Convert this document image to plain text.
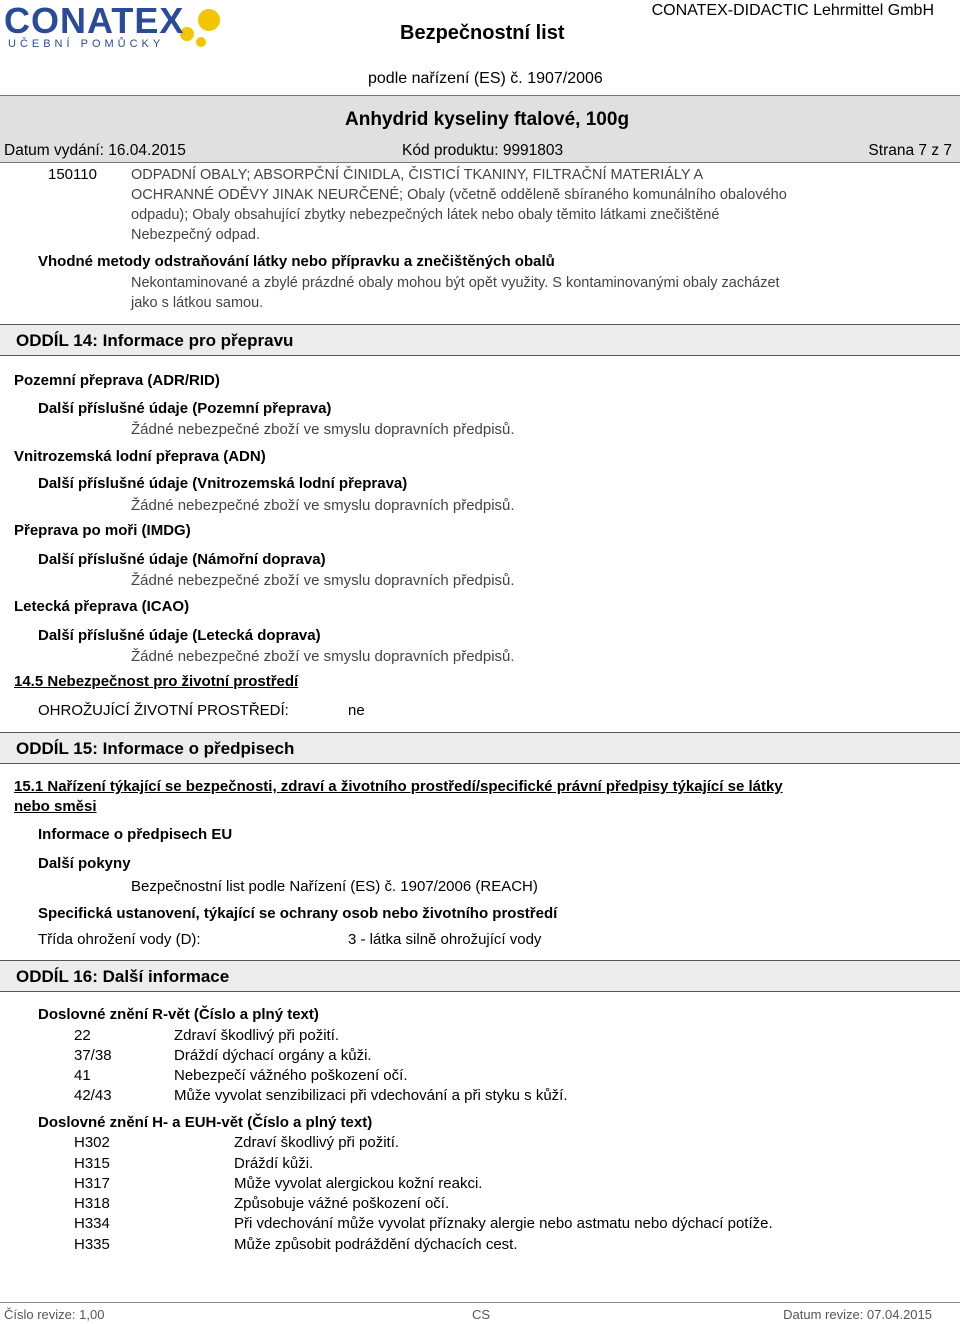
CONATEX
UČEBNÍ POMŮCKY	Bezpečnostní list
CONATEX-DIDACTIC Lehrmittel GmbH
podle nařízení (ES) č. 1907/2006
Anhydrid kyseliny ftalové, 100g
Datum vydání: 16.04.2015	Kód produktu: 9991803	Strana 7 z 7
150110 ODPADNÍ OBALY; ABSORPČNÍ ČINIDLA, ČISTICÍ TKANINY, FILTRAČNÍ MATERIÁLY A
OCHRANNÉ ODĚVY JINAK NEURČENÉ; Obaly (včetně odděleně sbíraného komunálního obalového
odpadu); Obaly obsahující zbytky nebezpečných látek nebo obaly těmito látkami znečištěné
Nebezpečný odpad.
Vhodné metody odstraňování látky nebo přípravku a znečištěných obalů
Nekontaminované a zbylé prázdné obaly mohou být opět využity. S kontaminovanými obaly zacházet
jako s látkou samou.
ODDÍL 14: Informace pro přepravu
Pozemní přeprava (ADR/RID)
Další příslušné údaje (Pozemní přeprava)
Žádné nebezpečné zboží ve smyslu dopravních předpisů.
Vnitrozemská lodní přeprava (ADN)
Další příslušné údaje (Vnitrozemská lodní přeprava)
Žádné nebezpečné zboží ve smyslu dopravních předpisů.
Přeprava po moři (IMDG)
Další příslušné údaje (Námořní doprava)
Žádné nebezpečné zboží ve smyslu dopravních předpisů.
Letecká přeprava (ICAO)
Další příslušné údaje (Letecká doprava)
Žádné nebezpečné zboží ve smyslu dopravních předpisů.
14.5 Nebezpečnost pro životní prostředí
OHROŽUJÍCÍ ŽIVOTNÍ PROSTŘEDÍ:	ne
ODDÍL 15: Informace o předpisech
15.1 Nařízení týkající se bezpečnosti, zdraví a životního prostředí/specifické právní předpisy týkající se látky
nebo směsi
Informace o předpisech EU
Další pokyny
Bezpečnostní list podle Nařízení (ES) č. 1907/2006 (REACH)
Specifická ustanovení, týkající se ochrany osob nebo životního prostředí
Třída ohrožení vody (D):	3 - látka silně ohrožující vody
ODDÍL 16: Další informace
Doslovné znění R-vět (Číslo a plný text)
22	Zdraví škodlivý při požití.
37/38	Dráždí dýchací orgány a kůži.
41	Nebezpečí vážného poškození očí.
42/43	Může vyvolat senzibilizaci při vdechování a při styku s kůží.
Doslovné znění H- a EUH-vět (Číslo a plný text)
H302	Zdraví škodlivý při požití.
H315	Dráždí kůži.
H317	Může vyvolat alergickou kožní reakci.
H318	Způsobuje vážné poškození očí.
H334	Při vdechování může vyvolat příznaky alergie nebo astmatu nebo dýchací potíže.
H335	Může způsobit podráždění dýchacích cest.
Číslo revize: 1,00	CS	Datum revize: 07.04.2015
